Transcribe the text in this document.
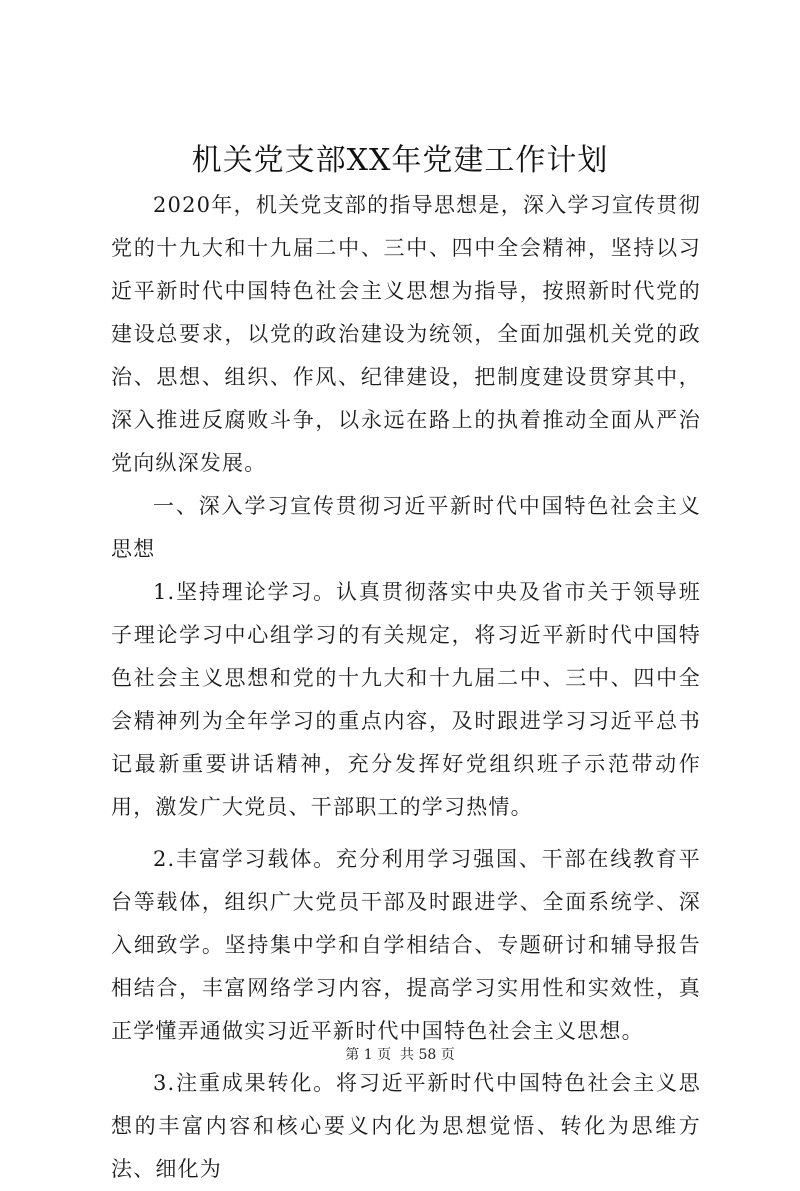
机关党支部XX年党建工作计划

2020年，机关党支部的指导思想是，深入学习宣传贯彻党的十九大和十九届二中、三中、四中全会精神，坚持以习近平新时代中国特色社会主义思想为指导，按照新时代党的建设总要求，以党的政治建设为统领，全面加强机关党的政治、思想、组织、作风、纪律建设，把制度建设贯穿其中，深入推进反腐败斗争，以永远在路上的执着推动全面从严治党向纵深发展。

一、深入学习宣传贯彻习近平新时代中国特色社会主义思想

1.坚持理论学习。认真贯彻落实中央及省市关于领导班子理论学习中心组学习的有关规定，将习近平新时代中国特色社会主义思想和党的十九大和十九届二中、三中、四中全会精神列为全年学习的重点内容，及时跟进学习习近平总书记最新重要讲话精神，充分发挥好党组织班子示范带动作用，激发广大党员、干部职工的学习热情。

2.丰富学习载体。充分利用学习强国、干部在线教育平台等载体，组织广大党员干部及时跟进学、全面系统学、深入细致学。坚持集中学和自学相结合、专题研讨和辅导报告相结合，丰富网络学习内容，提高学习实用性和实效性，真正学懂弄通做实习近平新时代中国特色社会主义思想。

3.注重成果转化。将习近平新时代中国特色社会主义思想的丰富内容和核心要义内化为思想觉悟、转化为思维方法、细化为

第 1 页  共 58 页
